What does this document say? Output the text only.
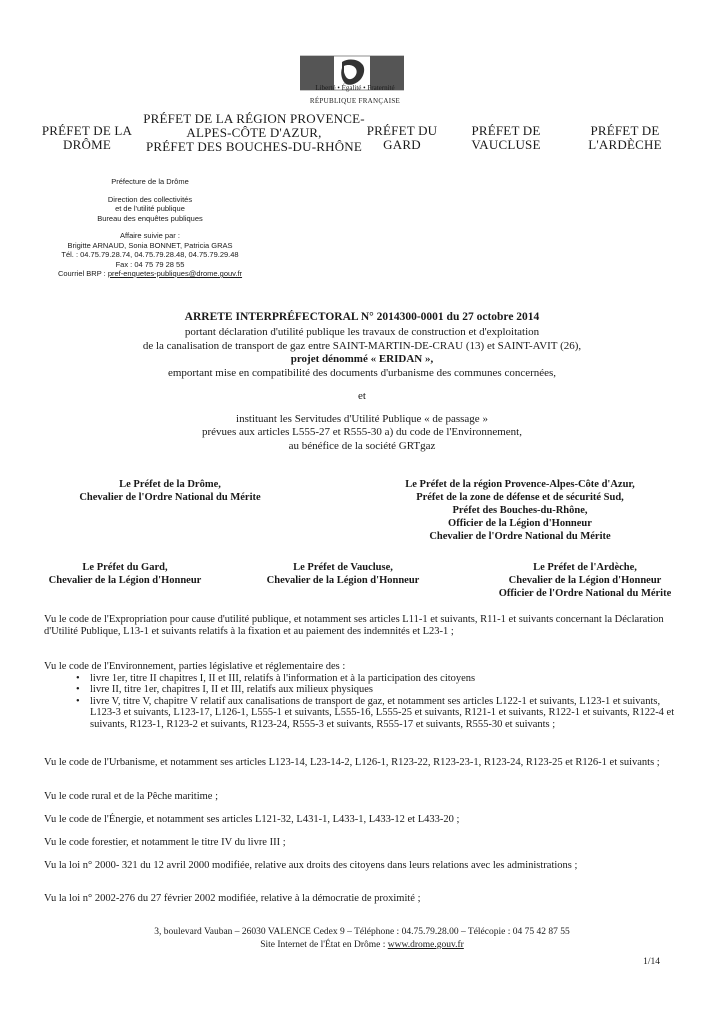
Liberté • Égalité • Fraternité
RÉPUBLIQUE FRANÇAISE
PRÉFET DE LA
DRÔME
PRÉFET DE LA RÉGION PROVENCE-
ALPES-CÔTE D'AZUR,
PRÉFET DES BOUCHES-DU-RHÔNE
PRÉFET DU
GARD
PRÉFET DE
VAUCLUSE
PRÉFET DE
L'ARDÈCHE
Préfecture de la Drôme
Direction des collectivités
et de l'utilité publique
Bureau des enquêtes publiques
Affaire suivie par :
Brigitte ARNAUD, Sonia BONNET, Patricia GRAS
Tél. : 04.75.79.28.74, 04.75.79.28.48, 04.75.79.29.48
Fax : 04 75 79 28 55
Courriel BRP : pref-enquetes-publiques@drome.gouv.fr
ARRETE INTERPRÉFECTORAL N° 2014300-0001 du 27 octobre 2014
portant déclaration d'utilité publique les travaux de construction et d'exploitation
de la canalisation de transport de gaz entre SAINT-MARTIN-DE-CRAU (13) et SAINT-AVIT (26),
projet dénommé « ERIDAN »,
emportant mise en compatibilité des documents d'urbanisme des communes concernées,
et
instituant les Servitudes d'Utilité Publique « de passage »
prévues aux articles L555-27 et R555-30 a) du code de l'Environnement,
au bénéfice de la société GRTgaz
Le Préfet de la Drôme,
Chevalier de l'Ordre National du Mérite
Le Préfet de la région Provence-Alpes-Côte d'Azur,
Préfet de la zone de défense et de sécurité Sud,
Préfet des Bouches-du-Rhône,
Officier de la Légion d'Honneur
Chevalier de l'Ordre National du Mérite
Le Préfet du Gard,
Chevalier de la Légion d'Honneur
Le Préfet de Vaucluse,
Chevalier de la Légion d'Honneur
Le Préfet de l'Ardèche,
Chevalier de la Légion d'Honneur
Officier de l'Ordre National du Mérite
Vu le code de l'Expropriation pour cause d'utilité publique, et notamment ses articles L11-1 et suivants, R11-1 et suivants concernant la Déclaration d'Utilité Publique, L13-1 et suivants relatifs à la fixation et au paiement des indemnités et L23-1 ;
Vu le code de l'Environnement, parties législative et réglementaire des :
• livre 1er, titre II chapitres I, II et III, relatifs à l'information et à la participation des citoyens
• livre II, titre 1er, chapitres I, II et III, relatifs aux milieux physiques
• livre V, titre V, chapitre V relatif aux canalisations de transport de gaz, et notamment ses articles L122-1 et suivants, L123-1 et suivants, L123-3 et suivants, L123-17, L126-1, L555-1 et suivants, L555-16, L555-25 et suivants, R121-1 et suivants, R122-1 et suivants, R122-4 et suivants, R123-1, R123-2 et suivants, R123-24, R555-3 et suivants, R555-17 et suivants, R555-30 et suivants ;
Vu le code de l'Urbanisme, et notamment ses articles L123-14, L23-14-2, L126-1, R123-22, R123-23-1, R123-24, R123-25 et R126-1 et suivants ;
Vu le code rural et de la Pêche maritime ;
Vu le code de l'Énergie, et notamment ses articles L121-32, L431-1, L433-1, L433-12 et L433-20 ;
Vu le code forestier, et notamment le titre IV du livre III ;
Vu la loi n° 2000- 321 du 12 avril 2000 modifiée, relative aux droits des citoyens dans leurs relations avec les administrations ;
Vu la loi n° 2002-276 du 27 février 2002 modifiée, relative à la démocratie de proximité ;
3, boulevard Vauban – 26030 VALENCE Cedex 9 – Téléphone : 04.75.79.28.00 – Télécopie : 04 75 42 87 55
Site Internet de l'État en Drôme : www.drome.gouv.fr
1/14
